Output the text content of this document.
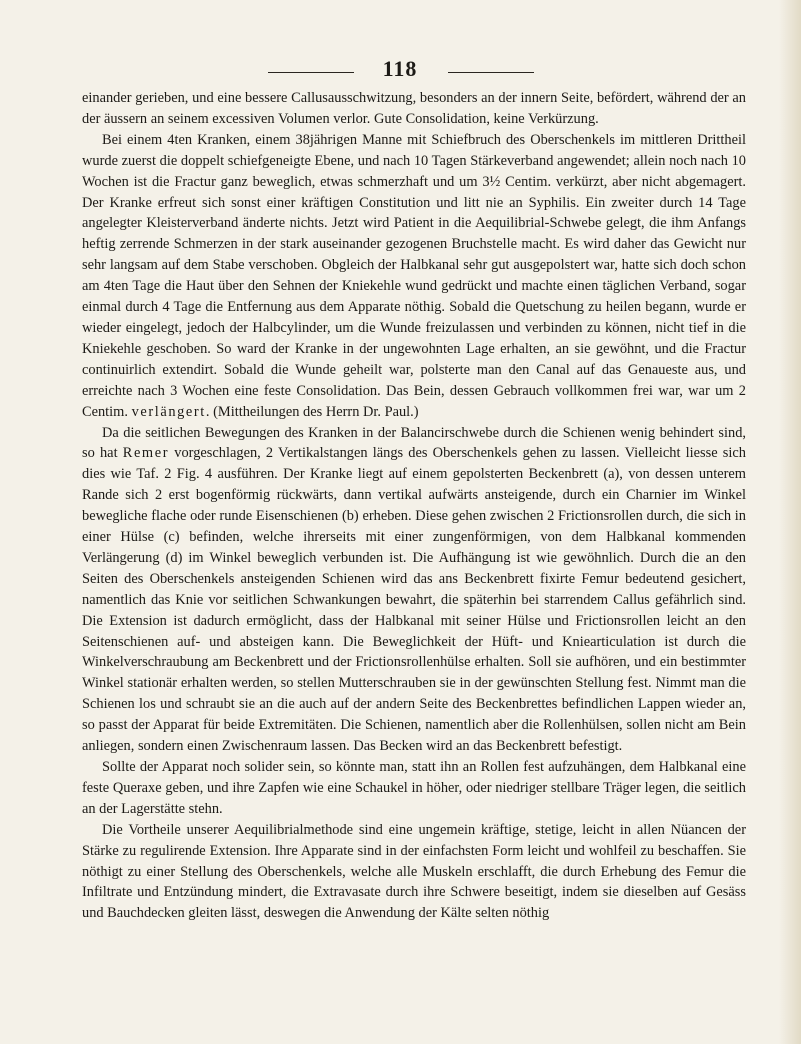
118

einander gerieben, und eine bessere Callusausschwitzung, besonders an der innern Seite, befördert, während der an der äussern an seinem excessiven Volumen verlor. Gute Consolidation, keine Verkürzung.

Bei einem 4ten Kranken, einem 38jährigen Manne mit Schiefbruch des Oberschenkels im mittleren Drittheil wurde zuerst die doppelt schiefgeneigte Ebene, und nach 10 Tagen Stärkeverband angewendet; allein noch nach 10 Wochen ist die Fractur ganz beweglich, etwas schmerzhaft und um 3½ Centim. verkürzt, aber nicht abgemagert. Der Kranke erfreut sich sonst einer kräftigen Constitution und litt nie an Syphilis. Ein zweiter durch 14 Tage angelegter Kleisterverband änderte nichts. Jetzt wird Patient in die Aequilibrial-Schwebe gelegt, die ihm Anfangs heftig zerrende Schmerzen in der stark auseinander gezogenen Bruchstelle macht. Es wird daher das Gewicht nur sehr langsam auf dem Stabe verschoben. Obgleich der Halbkanal sehr gut ausgepolstert war, hatte sich doch schon am 4ten Tage die Haut über den Sehnen der Kniekehle wund gedrückt und machte einen täglichen Verband, sogar einmal durch 4 Tage die Entfernung aus dem Apparate nöthig. Sobald die Quetschung zu heilen begann, wurde er wieder eingelegt, jedoch der Halbcylinder, um die Wunde freizulassen und verbinden zu können, nicht tief in die Kniekehle geschoben. So ward der Kranke in der ungewohnten Lage erhalten, an sie gewöhnt, und die Fractur continuirlich extendirt. Sobald die Wunde geheilt war, polsterte man den Canal auf das Genaueste aus, und erreichte nach 3 Wochen eine feste Consolidation. Das Bein, dessen Gebrauch vollkommen frei war, war um 2 Centim. verlängert. (Mittheilungen des Herrn Dr. Paul.)

Da die seitlichen Bewegungen des Kranken in der Balancirschwebe durch die Schienen wenig behindert sind, so hat Remer vorgeschlagen, 2 Vertikalstangen längs des Oberschenkels gehen zu lassen. Vielleicht liesse sich dies wie Taf. 2 Fig. 4 ausführen. Der Kranke liegt auf einem gepolsterten Beckenbrett (a), von dessen unterem Rande sich 2 erst bogenförmig rückwärts, dann vertikal aufwärts ansteigende, durch ein Charnier im Winkel bewegliche flache oder runde Eisenschienen (b) erheben. Diese gehen zwischen 2 Frictionsrollen durch, die sich in einer Hülse (c) befinden, welche ihrerseits mit einer zungenförmigen, von dem Halbkanal kommenden Verlängerung (d) im Winkel beweglich verbunden ist. Die Aufhängung ist wie gewöhnlich. Durch die an den Seiten des Oberschenkels ansteigenden Schienen wird das ans Beckenbrett fixirte Femur bedeutend gesichert, namentlich das Knie vor seitlichen Schwankungen bewahrt, die späterhin bei starrendem Callus gefährlich sind. Die Extension ist dadurch ermöglicht, dass der Halbkanal mit seiner Hülse und Frictionsrollen leicht an den Seitenschienen auf- und absteigen kann. Die Beweglichkeit der Hüft- und Kniearticulation ist durch die Winkelverschraubung am Beckenbrett und der Frictionsrollenhülse erhalten. Soll sie aufhören, und ein bestimmter Winkel stationär erhalten werden, so stellen Mutterschrauben sie in der gewünschten Stellung fest. Nimmt man die Schienen los und schraubt sie an die auch auf der andern Seite des Beckenbrettes befindlichen Lappen wieder an, so passt der Apparat für beide Extremitäten. Die Schienen, namentlich aber die Rollenhülsen, sollen nicht am Bein anliegen, sondern einen Zwischenraum lassen. Das Becken wird an das Beckenbrett befestigt.

Sollte der Apparat noch solider sein, so könnte man, statt ihn an Rollen fest aufzuhängen, dem Halbkanal eine feste Queraxe geben, und ihre Zapfen wie eine Schaukel in höher, oder niedriger stellbare Träger legen, die seitlich an der Lagerstätte stehn.

Die Vortheile unserer Aequilibrialmethode sind eine ungemein kräftige, stetige, leicht in allen Nüancen der Stärke zu regulirende Extension. Ihre Apparate sind in der einfachsten Form leicht und wohlfeil zu beschaffen. Sie nöthigt zu einer Stellung des Oberschenkels, welche alle Muskeln erschlafft, die durch Erhebung des Femur die Infiltrate und Entzündung mindert, die Extravasate durch ihre Schwere beseitigt, indem sie dieselben auf Gesäss und Bauchdecken gleiten lässt, deswegen die Anwendung der Kälte selten nöthig
